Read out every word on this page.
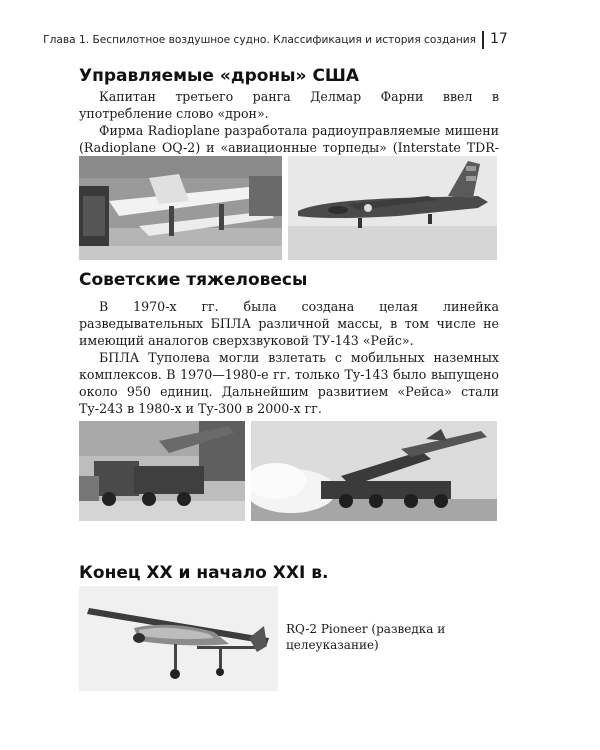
Глава 1. Беспилотное воздушное судно. Классификация и история создания 17
Управляемые «дроны» США
Капитан третьего ранга Делмар Фарни ввел в употребление слово «дрон».
Фирма Radioplane разработала радиоуправляемые мишени (Radioplane OQ-2) и «авиационные торпеды» (Interstate TDR-
Советские тяжеловесы
В 1970-х гг. была создана целая линейка разведывательных БПЛА различной массы, в том числе не имеющий аналогов сверхзвуковой ТУ-143 «Рейс».
БПЛА Туполева могли взлетать с мобильных наземных комплексов. В 1970—1980-е гг. только Ту-143 было выпущено около 950 единиц. Дальнейшим развитием «Рейса» стали Ту-243 в 1980-х и Ту-300 в 2000-х гг.
Конец XX и начало XXI в.
RQ-2 Pioneer (разведка и целеуказание)
